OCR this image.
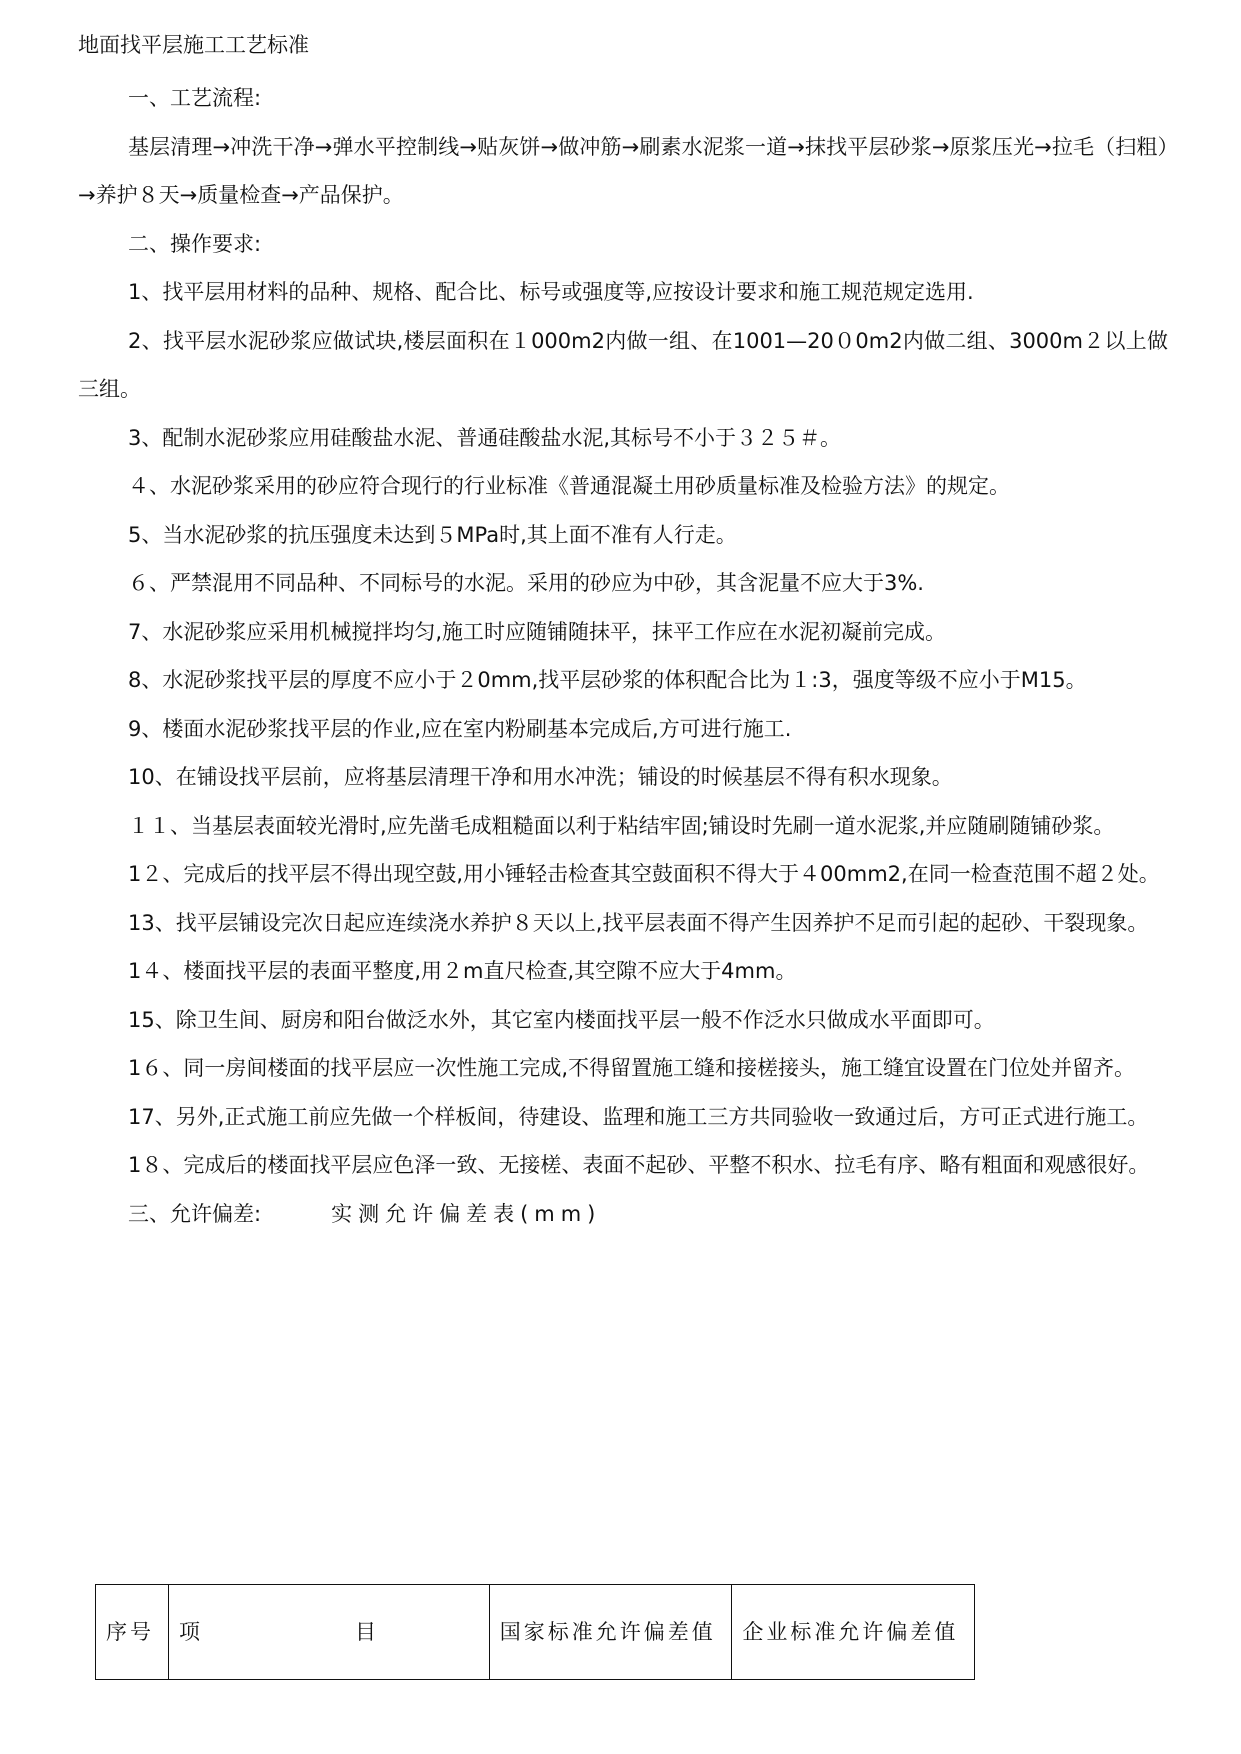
地面找平层施工工艺标准

一、工艺流程:

基层清理→冲洗干净→弹水平控制线→贴灰饼→做冲筋→刷素水泥浆一道→抹找平层砂浆→原浆压光→拉毛（扫粗）→养护８天→质量检查→产品保护。

二、操作要求:

1、找平层用材料的品种、规格、配合比、标号或强度等,应按设计要求和施工规范规定选用.

2、找平层水泥砂浆应做试块,楼层面积在１000m2内做一组、在1001—20０0m2内做二组、3000m２以上做三组。

3、配制水泥砂浆应用硅酸盐水泥、普通硅酸盐水泥,其标号不小于３２５＃。

４、水泥砂浆采用的砂应符合现行的行业标准《普通混凝土用砂质量标准及检验方法》的规定。

5、当水泥砂浆的抗压强度未达到５MPa时,其上面不准有人行走。

６、严禁混用不同品种、不同标号的水泥。采用的砂应为中砂，其含泥量不应大于3%.

7、水泥砂浆应采用机械搅拌均匀,施工时应随铺随抹平，抹平工作应在水泥初凝前完成。

8、水泥砂浆找平层的厚度不应小于２0mm,找平层砂浆的体积配合比为１:3，强度等级不应小于M15。

9、楼面水泥砂浆找平层的作业,应在室内粉刷基本完成后,方可进行施工.

10、在铺设找平层前，应将基层清理干净和用水冲洗；铺设的时候基层不得有积水现象。

１１、当基层表面较光滑时,应先凿毛成粗糙面以利于粘结牢固;铺设时先刷一道水泥浆,并应随刷随铺砂浆。

1２、完成后的找平层不得出现空鼓,用小锤轻击检查其空鼓面积不得大于４00mm2,在同一检查范围不超２处。

13、找平层铺设完次日起应连续浇水养护８天以上,找平层表面不得产生因养护不足而引起的起砂、干裂现象。

1４、楼面找平层的表面平整度,用２m直尺检查,其空隙不应大于4mm。

15、除卫生间、厨房和阳台做泛水外，其它室内楼面找平层一般不作泛水只做成水平面即可。

1６、同一房间楼面的找平层应一次性施工完成,不得留置施工缝和接槎接头，施工缝宜设置在门位处并留齐。

17、另外,正式施工前应先做一个样板间，待建设、监理和施工三方共同验收一致通过后，方可正式进行施工。

1８、完成后的楼面找平层应色泽一致、无接槎、表面不起砂、平整不积水、拉毛有序、略有粗面和观感很好。

三、允许偏差:	实测允许偏差表(mm)

序号	项	目	国家标准允许偏差值	企业标准允许偏差值
